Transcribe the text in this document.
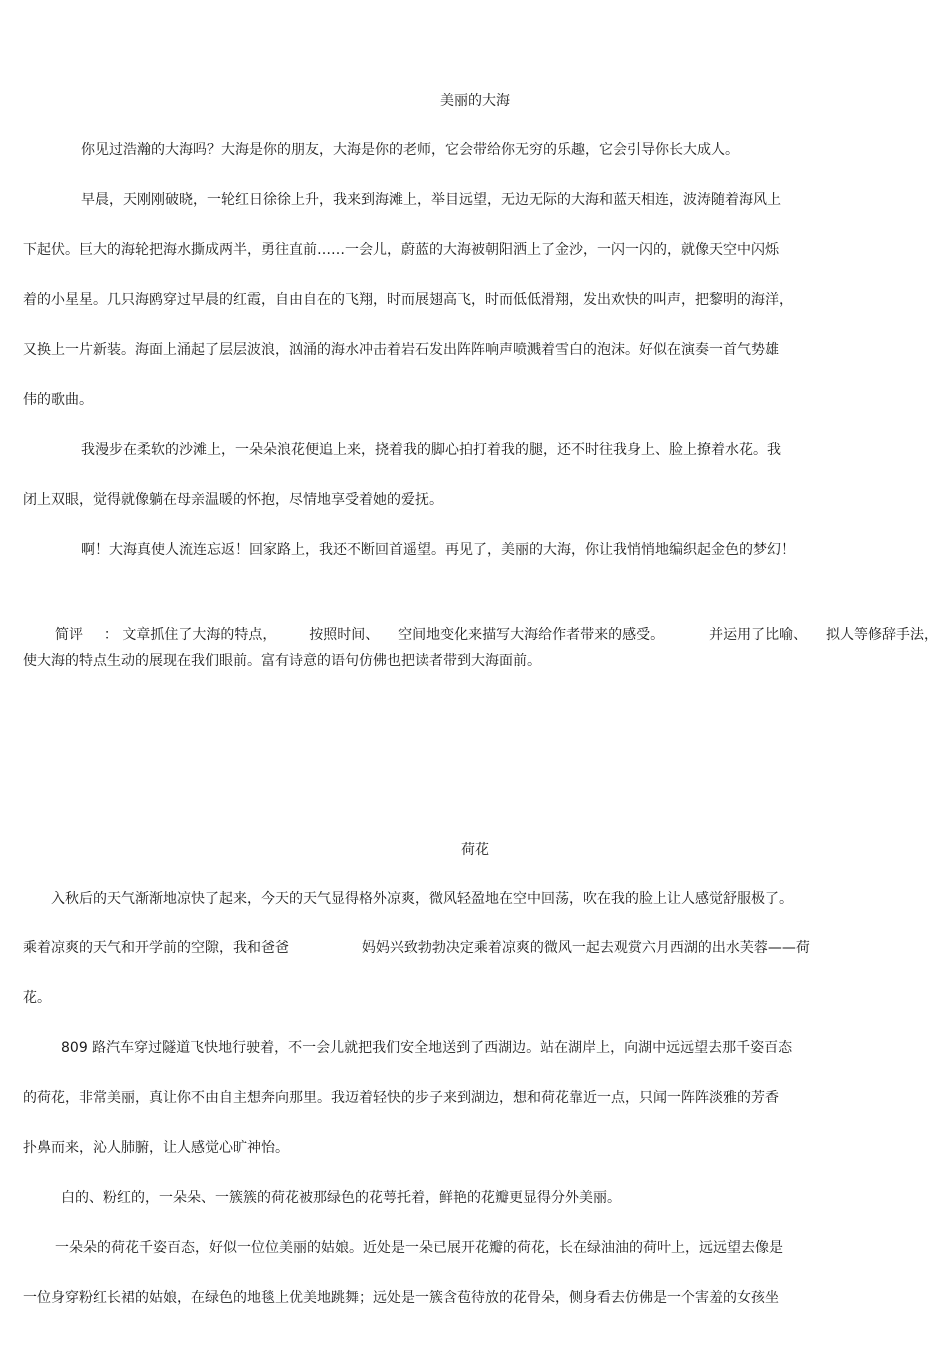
美丽的大海
你见过浩瀚的大海吗？大海是你的朋友，大海是你的老师，它会带给你无穷的乐趣，它会引导你长大成人。
早晨，天刚刚破晓，一轮红日徐徐上升，我来到海滩上，举目远望，无边无际的大海和蓝天相连，波涛随着海风上
下起伏。巨大的海轮把海水撕成两半，勇往直前……一会儿，蔚蓝的大海被朝阳洒上了金沙，一闪一闪的，就像天空中闪烁
着的小星星。几只海鸥穿过早晨的红霞，自由自在的飞翔，时而展翅高飞，时而低低滑翔，发出欢快的叫声，把黎明的海洋，
又换上一片新装。海面上涌起了层层波浪，汹涌的海水冲击着岩石发出阵阵响声喷溅着雪白的泡沫。好似在演奏一首气势雄
伟的歌曲。
我漫步在柔软的沙滩上，一朵朵浪花便追上来，挠着我的脚心拍打着我的腿，还不时往我身上、脸上撩着水花。我
闭上双眼，觉得就像躺在母亲温暖的怀抱，尽情地享受着她的爱抚。
啊！大海真使人流连忘返！回家路上，我还不断回首遥望。再见了，美丽的大海，你让我悄悄地编织起金色的梦幻！
简评 ： 文章抓住了大海的特点， 按照时间、 空间地变化来描写大海给作者带来的感受。	并运用了比喻、 拟人等修辞手法，
使大海的特点生动的展现在我们眼前。富有诗意的语句仿佛也把读者带到大海面前。
荷花
入秋后的天气渐渐地凉快了起来，今天的天气显得格外凉爽，微风轻盈地在空中回荡，吹在我的脸上让人感觉舒服极了。
乘着凉爽的天气和开学前的空隙，我和爸爸	妈妈兴致勃勃决定乘着凉爽的微风一起去观赏六月西湖的出水芙蓉——荷
花。
809 路汽车穿过隧道飞快地行驶着，不一会儿就把我们安全地送到了西湖边。站在湖岸上，向湖中远远望去那千姿百态
的荷花，非常美丽，真让你不由自主想奔向那里。我迈着轻快的步子来到湖边，想和荷花靠近一点，只闻一阵阵淡雅的芳香
扑鼻而来，沁人肺腑，让人感觉心旷神怡。
白的、粉红的，一朵朵、一簇簇的荷花被那绿色的花萼托着，鲜艳的花瓣更显得分外美丽。
一朵朵的荷花千姿百态，好似一位位美丽的姑娘。近处是一朵已展开花瓣的荷花，长在绿油油的荷叶上，远远望去像是
一位身穿粉红长裙的姑娘，在绿色的地毯上优美地跳舞；远处是一簇含苞待放的花骨朵，侧身看去仿佛是一个害羞的女孩坐
